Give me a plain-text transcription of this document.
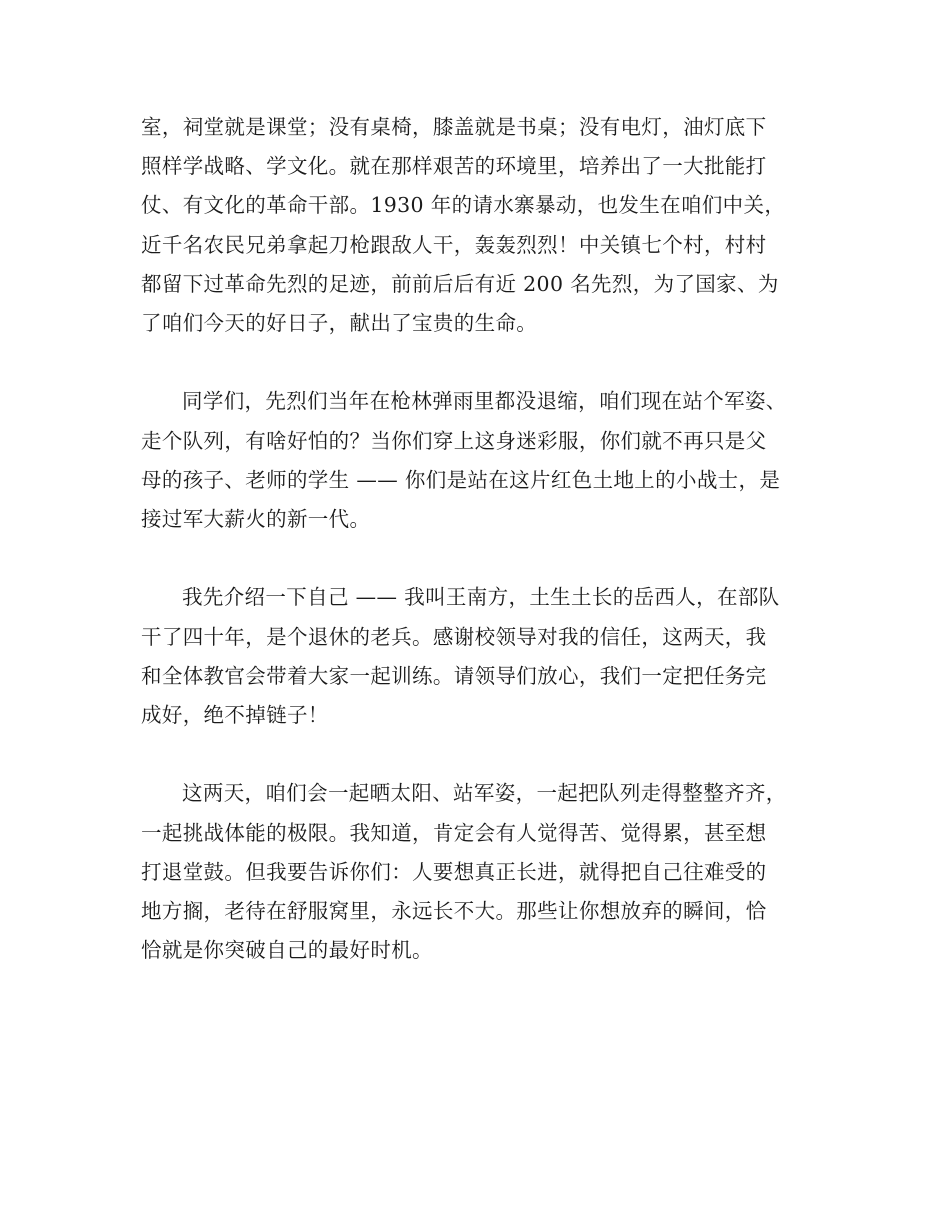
室，祠堂就是课堂；没有桌椅，膝盖就是书桌；没有电灯，油灯底下
照样学战略、学文化。就在那样艰苦的环境里，培养出了一大批能打
仗、有文化的革命干部。1930 年的请水寨暴动，也发生在咱们中关，
近千名农民兄弟拿起刀枪跟敌人干，轰轰烈烈！中关镇七个村，村村
都留下过革命先烈的足迹，前前后后有近 200 名先烈，为了国家、为
了咱们今天的好日子，献出了宝贵的生命。
同学们，先烈们当年在枪林弹雨里都没退缩，咱们现在站个军姿、
走个队列，有啥好怕的？当你们穿上这身迷彩服，你们就不再只是父
母的孩子、老师的学生 —— 你们是站在这片红色土地上的小战士，是
接过军大薪火的新一代。
我先介绍一下自己 —— 我叫王南方，土生土长的岳西人，在部队
干了四十年，是个退休的老兵。感谢校领导对我的信任，这两天，我
和全体教官会带着大家一起训练。请领导们放心，我们一定把任务完
成好，绝不掉链子！
这两天，咱们会一起晒太阳、站军姿，一起把队列走得整整齐齐，
一起挑战体能的极限。我知道，肯定会有人觉得苦、觉得累，甚至想
打退堂鼓。但我要告诉你们：人要想真正长进，就得把自己往难受的
地方搁，老待在舒服窝里，永远长不大。那些让你想放弃的瞬间，恰
恰就是你突破自己的最好时机。
